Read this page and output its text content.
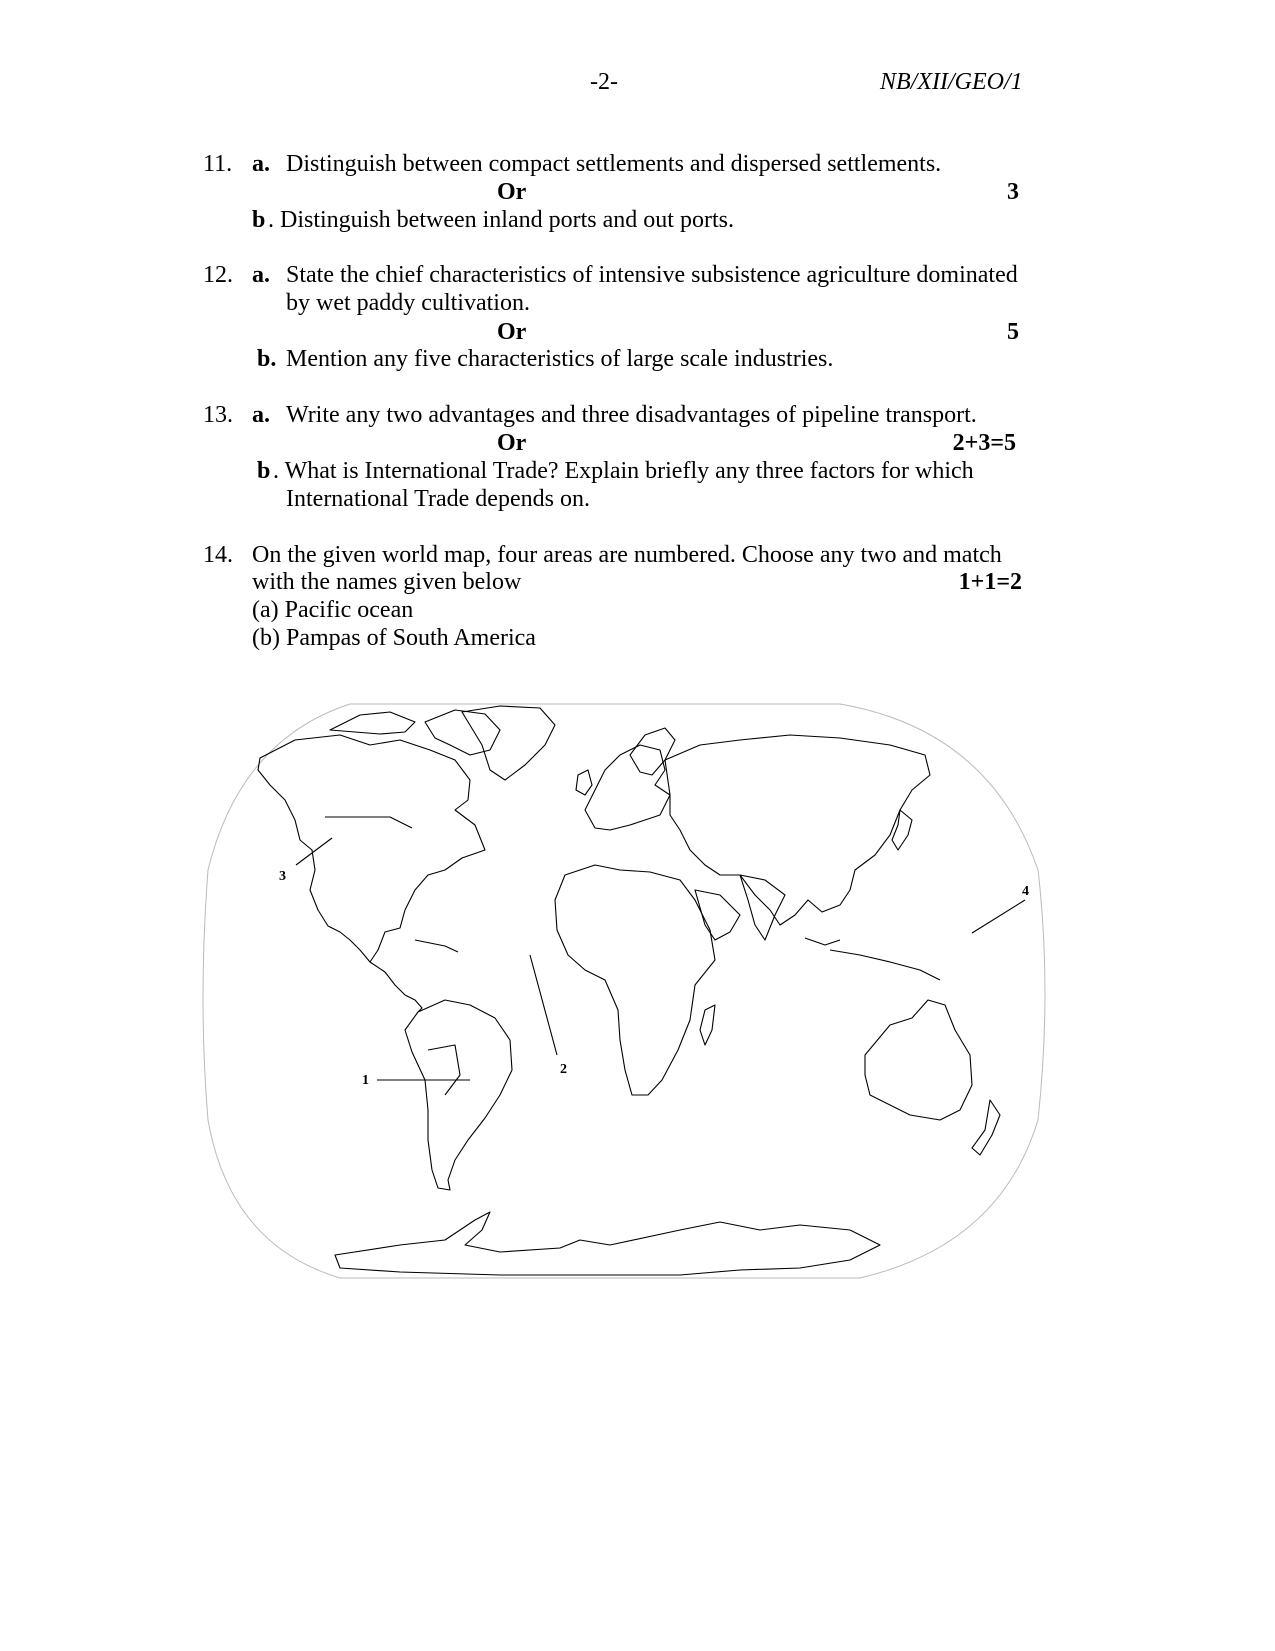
-2-	NB/XII/GEO/1
11. a. Distinguish between compact settlements and dispersed settlements.
Or	3
b . Distinguish between inland ports and out ports.
12. a. State the chief characteristics of intensive subsistence agriculture dominated
by wet paddy cultivation.
Or	5
b. Mention any five characteristics of large scale industries.
13. a. Write any two advantages and three disadvantages of pipeline transport.
Or	2+3=5
b . What is International Trade? Explain briefly any three factors for which
International Trade depends on.
14. On the given world map, four areas are numbered. Choose any two and match
with the names given below	1+1=2
(a) Pacific ocean
(b) Pampas of South America
1
2
3
4
